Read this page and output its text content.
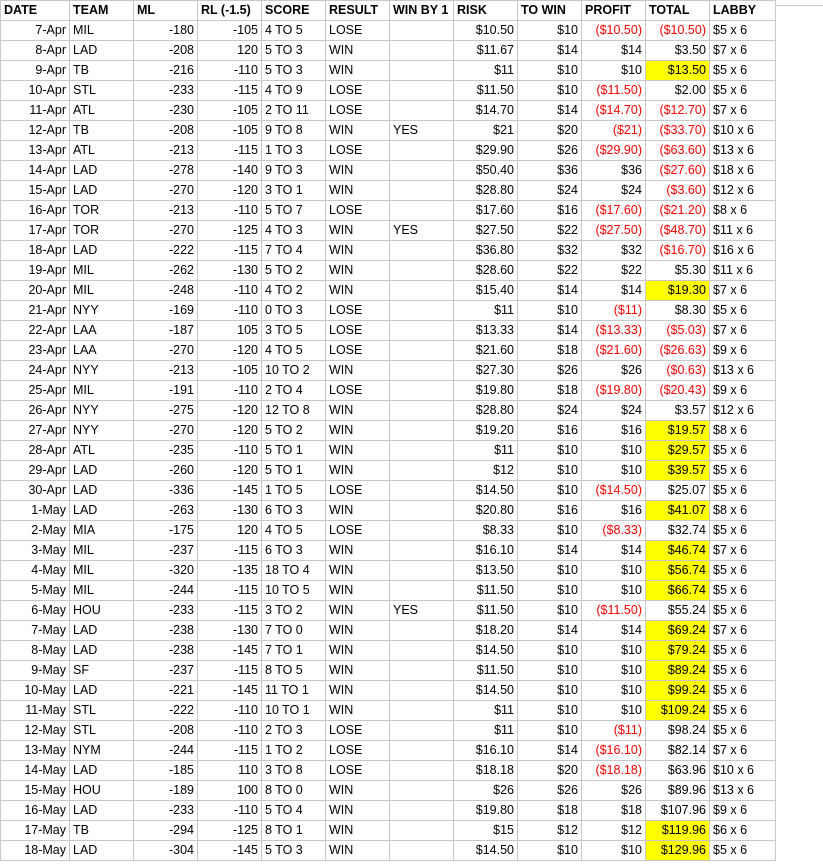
DATE	TEAM	ML	RL (-1.5)	SCORE	RESULT	WIN BY 1	RISK	TO WIN	PROFIT	TOTAL	LABBY
7-Apr	MIL	-180	-105	4 TO 5	LOSE		$10.50	$10	($10.50)	($10.50)	$5 x 6
8-Apr	LAD	-208	120	5 TO 3	WIN		$11.67	$14	$14	$3.50	$7 x 6
9-Apr	TB	-216	-110	5 TO 3	WIN		$11	$10	$10	$13.50	$5 x 6
10-Apr	STL	-233	-115	4 TO 9	LOSE		$11.50	$10	($11.50)	$2.00	$5 x 6
11-Apr	ATL	-230	-105	2 TO 11	LOSE		$14.70	$14	($14.70)	($12.70)	$7 x 6
12-Apr	TB	-208	-105	9 TO 8	WIN	YES	$21	$20	($21)	($33.70)	$10 x 6
13-Apr	ATL	-213	-115	1 TO 3	LOSE		$29.90	$26	($29.90)	($63.60)	$13 x 6
14-Apr	LAD	-278	-140	9 TO 3	WIN		$50.40	$36	$36	($27.60)	$18 x 6
15-Apr	LAD	-270	-120	3 TO 1	WIN		$28.80	$24	$24	($3.60)	$12 x 6
16-Apr	TOR	-213	-110	5 TO 7	LOSE		$17.60	$16	($17.60)	($21.20)	$8 x 6
17-Apr	TOR	-270	-125	4 TO 3	WIN	YES	$27.50	$22	($27.50)	($48.70)	$11 x 6
18-Apr	LAD	-222	-115	7 TO 4	WIN		$36.80	$32	$32	($16.70)	$16 x 6
19-Apr	MIL	-262	-130	5 TO 2	WIN		$28.60	$22	$22	$5.30	$11 x 6
20-Apr	MIL	-248	-110	4 TO 2	WIN		$15.40	$14	$14	$19.30	$7 x 6
21-Apr	NYY	-169	-110	0 TO 3	LOSE		$11	$10	($11)	$8.30	$5 x 6
22-Apr	LAA	-187	105	3 TO 5	LOSE		$13.33	$14	($13.33)	($5.03)	$7 x 6
23-Apr	LAA	-270	-120	4 TO 5	LOSE		$21.60	$18	($21.60)	($26.63)	$9 x 6
24-Apr	NYY	-213	-105	10 TO 2	WIN		$27.30	$26	$26	($0.63)	$13 x 6
25-Apr	MIL	-191	-110	2 TO 4	LOSE		$19.80	$18	($19.80)	($20.43)	$9 x 6
26-Apr	NYY	-275	-120	12 TO 8	WIN		$28.80	$24	$24	$3.57	$12 x 6
27-Apr	NYY	-270	-120	5 TO 2	WIN		$19.20	$16	$16	$19.57	$8 x 6
28-Apr	ATL	-235	-110	5 TO 1	WIN		$11	$10	$10	$29.57	$5 x 6
29-Apr	LAD	-260	-120	5 TO 1	WIN		$12	$10	$10	$39.57	$5 x 6
30-Apr	LAD	-336	-145	1 TO 5	LOSE		$14.50	$10	($14.50)	$25.07	$5 x 6
1-May	LAD	-263	-130	6 TO 3	WIN		$20.80	$16	$16	$41.07	$8 x 6
2-May	MIA	-175	120	4 TO 5	LOSE		$8.33	$10	($8.33)	$32.74	$5 x 6
3-May	MIL	-237	-115	6 TO 3	WIN		$16.10	$14	$14	$46.74	$7 x 6
4-May	MIL	-320	-135	18 TO 4	WIN		$13.50	$10	$10	$56.74	$5 x 6
5-May	MIL	-244	-115	10 TO 5	WIN		$11.50	$10	$10	$66.74	$5 x 6
6-May	HOU	-233	-115	3 TO 2	WIN	YES	$11.50	$10	($11.50)	$55.24	$5 x 6
7-May	LAD	-238	-130	7 TO 0	WIN		$18.20	$14	$14	$69.24	$7 x 6
8-May	LAD	-238	-145	7 TO 1	WIN		$14.50	$10	$10	$79.24	$5 x 6
9-May	SF	-237	-115	8 TO 5	WIN		$11.50	$10	$10	$89.24	$5 x 6
10-May	LAD	-221	-145	11 TO 1	WIN		$14.50	$10	$10	$99.24	$5 x 6
11-May	STL	-222	-110	10 TO 1	WIN		$11	$10	$10	$109.24	$5 x 6
12-May	STL	-208	-110	2 TO 3	LOSE		$11	$10	($11)	$98.24	$5 x 6
13-May	NYM	-244	-115	1 TO 2	LOSE		$16.10	$14	($16.10)	$82.14	$7 x 6
14-May	LAD	-185	110	3 TO 8	LOSE		$18.18	$20	($18.18)	$63.96	$10 x 6
15-May	HOU	-189	100	8 TO 0	WIN		$26	$26	$26	$89.96	$13 x 6
16-May	LAD	-233	-110	5 TO 4	WIN		$19.80	$18	$18	$107.96	$9 x 6
17-May	TB	-294	-125	8 TO 1	WIN		$15	$12	$12	$119.96	$6 x 6
18-May	LAD	-304	-145	5 TO 3	WIN		$14.50	$10	$10	$129.96	$5 x 6
